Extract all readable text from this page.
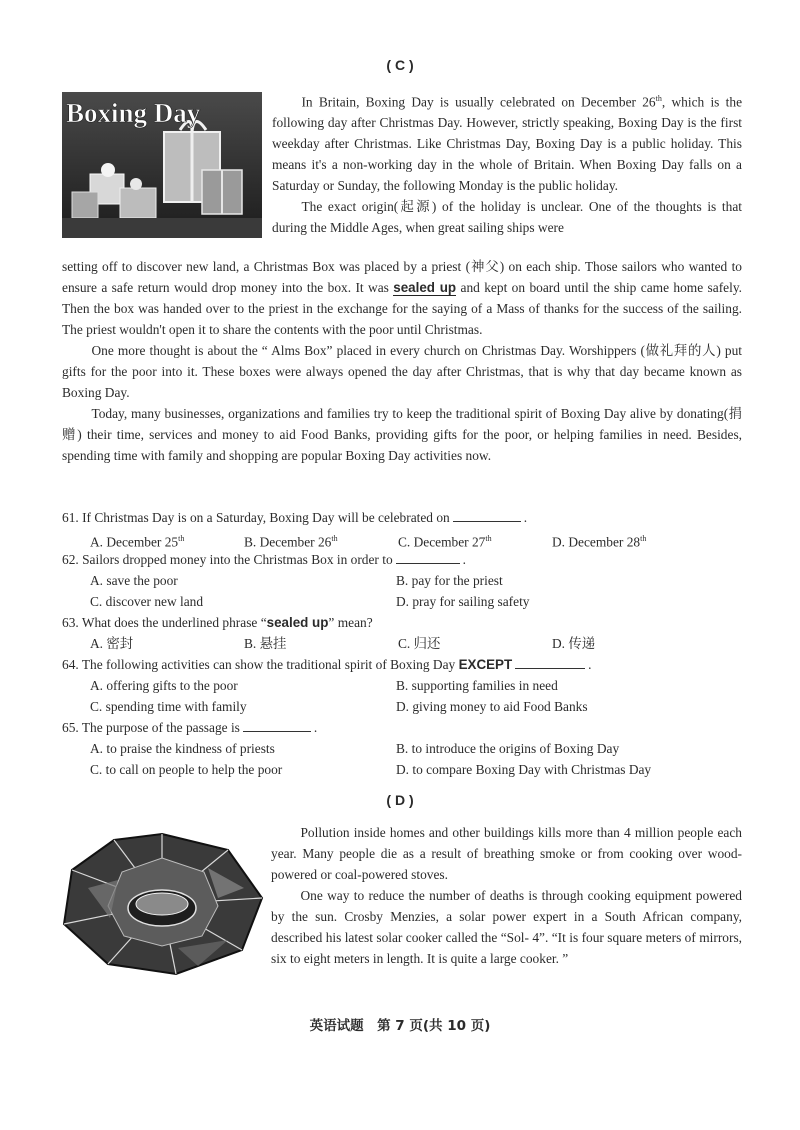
( C )
Boxing Day	In Britain, Boxing Day is usually celebrated on December 26th, which is the following day after Christmas Day. However, strictly speaking, Boxing Day is the first weekday after Christmas. Like Christmas Day, Boxing Day is a public holiday. This means it's a non-working day in the whole of Britain. When Boxing Day falls on a Saturday or Sunday, the following Monday is the public holiday.

The exact origin(起源) of the holiday is unclear. One of the thoughts is that during the Middle Ages, when great sailing ships were

setting off to discover new land, a Christmas Box was placed by a priest (神父) on each ship. Those sailors who wanted to ensure a safe return would drop money into the box. It was sealed up and kept on board until the ship came home safely. Then the box was handed over to the priest in the exchange for the saying of a Mass of thanks for the success of the sailing. The priest wouldn't open it to share the contents with the poor until Christmas.

One more thought is about the “ Alms Box” placed in every church on Christmas Day. Worshippers (做礼拜的人) put gifts for the poor into it. These boxes were always opened the day after Christmas, that is why that day became known as Boxing Day.

Today, many businesses, organizations and families try to keep the traditional spirit of Boxing Day alive by donating(捐赠) their time, services and money to aid Food Banks, providing gifts for the poor, or helping families in need. Besides, spending time with family and shopping are popular Boxing Day activities now.

61. If Christmas Day is on a Saturday, Boxing Day will be celebrated on	.
A. December 25th	B. December 26th	C. December 27th	D. December 28th
62. Sailors dropped money into the Christmas Box in order to	.
A. save the poor	B. pay for the priest
C. discover new land	D. pray for sailing safety
63. What does the underlined phrase “sealed up” mean?
A. 密封	B. 悬挂	C. 归还	D. 传递
64. The following activities can show the traditional spirit of Boxing Day EXCEPT	.
A. offering gifts to the poor	B. supporting families in need
C. spending time with family	D. giving money to aid Food Banks
65. The purpose of the passage is	.
A. to praise the kindness of priests	B. to introduce the origins of Boxing Day
C. to call on people to help the poor	D. to compare Boxing Day with Christmas Day
( D )

Pollution inside homes and other buildings kills more than 4 million people each year. Many people die as a result of breathing smoke or from cooking over wood-powered or coal-powered stoves.

One way to reduce the number of deaths is through cooking equipment powered by the sun. Crosby Menzies, a solar power expert in a South African company, described his latest solar cooker called the “Sol- 4”. “It is four square meters of mirrors, six to eight meters in length. It is quite a large cooker. ”

英语试题　第 7 页(共 10 页)
